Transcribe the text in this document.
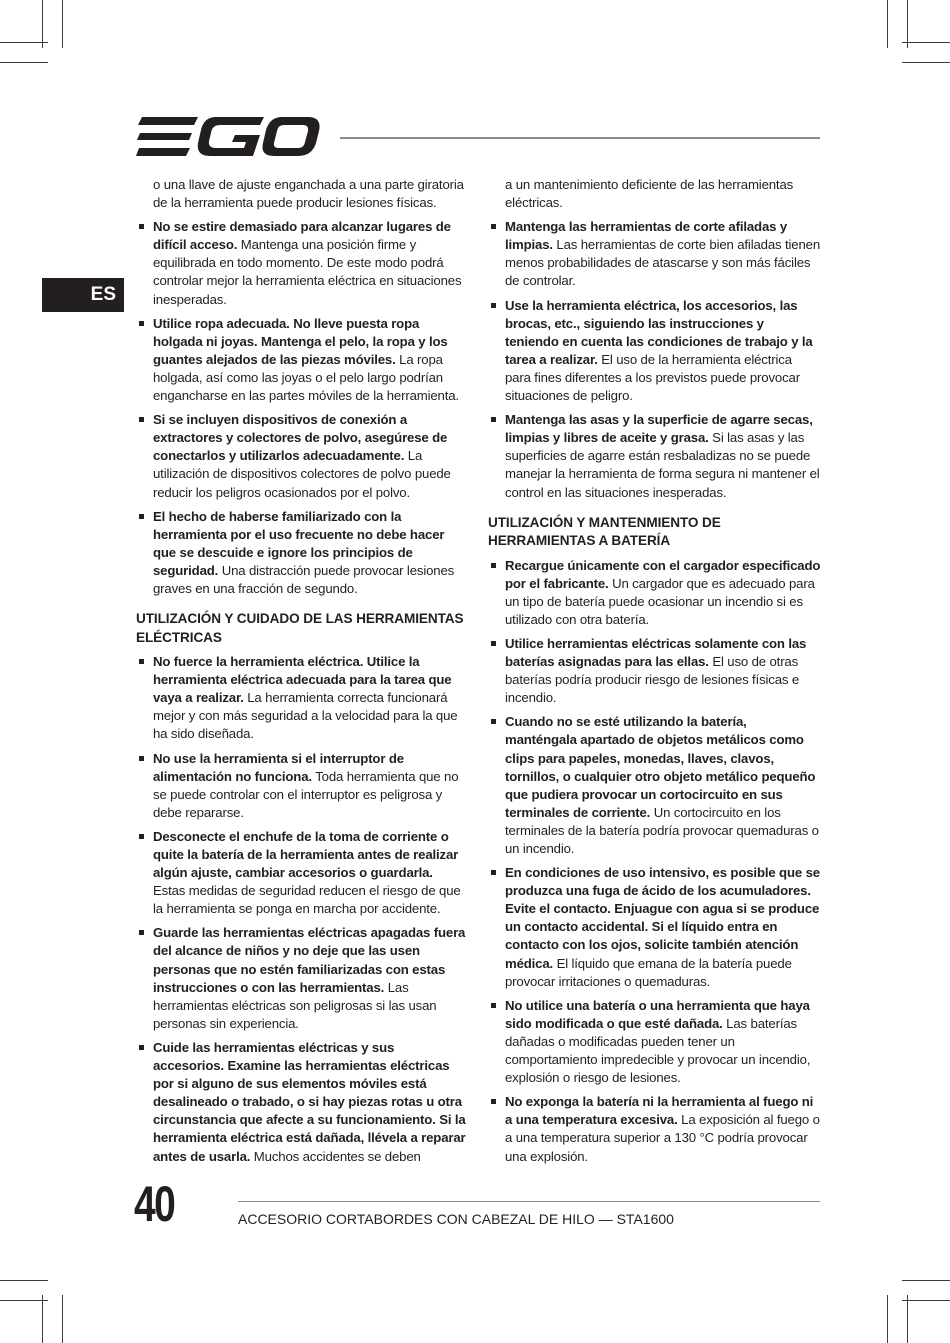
ES

o una llave de ajuste enganchada a una parte giratoria de la herramienta puede producir lesiones físicas.

No se estire demasiado para alcanzar lugares de difícil acceso. Mantenga una posición firme y equilibrada en todo momento. De este modo podrá controlar mejor la herramienta eléctrica en situaciones inesperadas.

Utilice ropa adecuada. No lleve puesta ropa holgada ni joyas. Mantenga el pelo, la ropa y los guantes alejados de las piezas móviles. La ropa holgada, así como las joyas o el pelo largo podrían engancharse en las partes móviles de la herramienta.

Si se incluyen dispositivos de conexión a extractores y colectores de polvo, asegúrese de conectarlos y utilizarlos adecuadamente. La utilización de dispositivos colectores de polvo puede reducir los peligros ocasionados por el polvo.

El hecho de haberse familiarizado con la herramienta por el uso frecuente no debe hacer que se descuide e ignore los principios de seguridad. Una distracción puede provocar lesiones graves en una fracción de segundo.

UTILIZACIÓN Y CUIDADO DE LAS HERRAMIENTAS ELÉCTRICAS

No fuerce la herramienta eléctrica. Utilice la herramienta eléctrica adecuada para la tarea que vaya a realizar. La herramienta correcta funcionará mejor y con más seguridad a la velocidad para la que ha sido diseñada.

No use la herramienta si el interruptor de alimentación no funciona. Toda herramienta que no se puede controlar con el interruptor es peligrosa y debe repararse.

Desconecte el enchufe de la toma de corriente o quite la batería de la herramienta antes de realizar algún ajuste, cambiar accesorios o guardarla. Estas medidas de seguridad reducen el riesgo de que la herramienta se ponga en marcha por accidente.

Guarde las herramientas eléctricas apagadas fuera del alcance de niños y no deje que las usen personas que no estén familiarizadas con estas instrucciones o con las herramientas. Las herramientas eléctricas son peligrosas si las usan personas sin experiencia.

Cuide las herramientas eléctricas y sus accesorios. Examine las herramientas eléctricas por si alguno de sus elementos móviles está desalineado o trabado, o si hay piezas rotas u otra circunstancia que afecte a su funcionamiento. Si la herramienta eléctrica está dañada, llévela a reparar antes de usarla. Muchos accidentes se deben

a un mantenimiento deficiente de las herramientas eléctricas.

Mantenga las herramientas de corte afiladas y limpias. Las herramientas de corte bien afiladas tienen menos probabilidades de atascarse y son más fáciles de controlar.

Use la herramienta eléctrica, los accesorios, las brocas, etc., siguiendo las instrucciones y teniendo en cuenta las condiciones de trabajo y la tarea a realizar. El uso de la herramienta eléctrica para fines diferentes a los previstos puede provocar situaciones de peligro.

Mantenga las asas y la superficie de agarre secas, limpias y libres de aceite y grasa. Si las asas y las superficies de agarre están resbaladizas no se puede manejar la herramienta de forma segura ni mantener el control en las situaciones inesperadas.

UTILIZACIÓN Y MANTENMIENTO DE HERRAMIENTAS A BATERÍA

Recargue únicamente con el cargador especificado por el fabricante. Un cargador que es adecuado para un tipo de batería puede ocasionar un incendio si es utilizado con otra batería.

Utilice herramientas eléctricas solamente con las baterías asignadas para las ellas. El uso de otras baterías podría producir riesgo de lesiones físicas e incendio.

Cuando no se esté utilizando la batería, manténgala apartado de objetos metálicos como clips para papeles, monedas, llaves, clavos, tornillos, o cualquier otro objeto metálico pequeño que pudiera provocar un cortocircuito en sus terminales de corriente. Un cortocircuito en los terminales de la batería podría provocar quemaduras o un incendio.

En condiciones de uso intensivo, es posible que se produzca una fuga de ácido de los acumuladores. Evite el contacto. Enjuague con agua si se produce un contacto accidental. Si el líquido entra en contacto con los ojos, solicite también atención médica. El líquido que emana de la batería puede provocar irritaciones o quemaduras.

No utilice una batería o una herramienta que haya sido modificada o que esté dañada. Las baterías dañadas o modificadas pueden tener un comportamiento impredecible y provocar un incendio, explosión o riesgo de lesiones.

No exponga la batería ni la herramienta al fuego ni a una temperatura excesiva. La exposición al fuego o a una temperatura superior a 130 °C podría provocar una explosión.

40	ACCESORIO CORTABORDES CON CABEZAL DE HILO — STA1600
